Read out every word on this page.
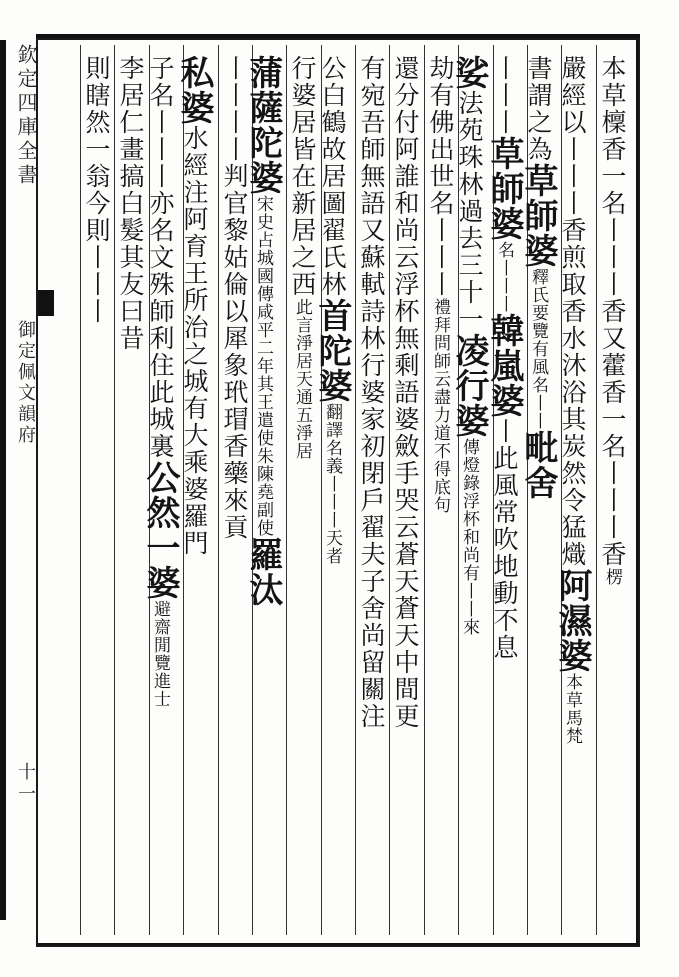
欽定四庫全書
御定佩文韻府
十一
本草檁香一名丨丨丨香又藿香一名丨丨丨香楞
嚴經以丨丨丨香煎取香水沐浴其炭然令猛熾阿濕婆本草馬梵
書謂之為草師婆釋氏要覽有風名丨丨毗舍
丨丨丨草師婆名丨丨丨韓嵐婆丨此風常吹地動不息
娑法苑珠林過去三十一凌行婆傳燈錄浮杯和尚有丨丨來
劫有佛出世名丨丨丨禮拜問師云盡力道不得底句
還分付阿誰和尚云浮杯無剩語婆斂手哭云蒼天蒼天中間更
有宛吾師無語又蘇軾詩林行婆家初閉戶翟夫子舍尚留關注
公白鶴故居圖翟氏林首陀婆翻譯名義丨丨丨天者
行婆居皆在新居之西此言淨居天通五淨居
蒲薩陀婆宋史占城國傳咸平二年其王遣使朱陳堯副使羅汰
丨丨丨丨判官黎姑倫以犀象玳瑁香藥來貢
私婆水經注阿育王所治之城有大乘婆羅門
子名丨丨丨亦名文殊師利住此城裏公然一婆避齋閒覽進士
李居仁畫搞白髮其友曰昔
則瞎然一翁今則丨丨丨
